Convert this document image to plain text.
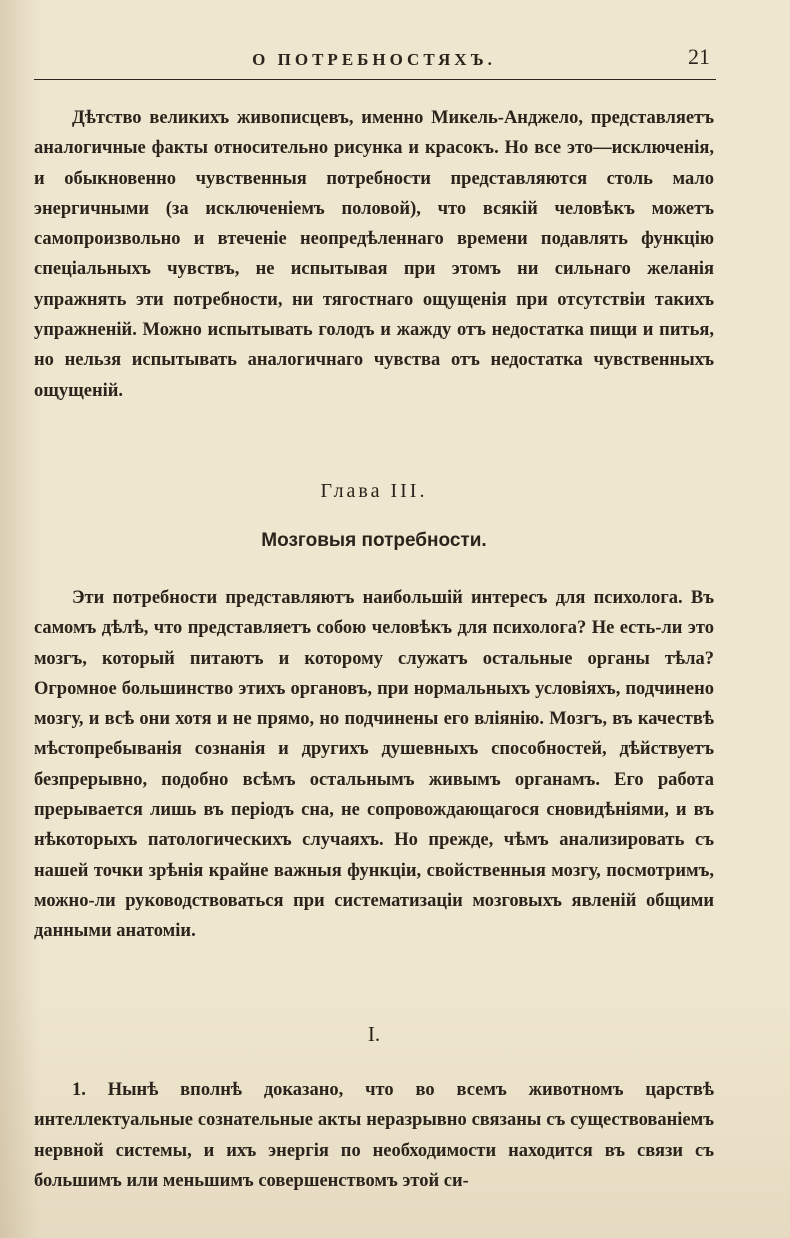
О ПОТРЕБНОСТЯХЪ.	21

Дѣтство великихъ живописцевъ, именно Микель-Анджело, представляетъ аналогичные факты относительно рисунка и красокъ. Но все это—исключенія, и обыкновенно чувственныя потребности представляются столь мало энергичными (за исключеніемъ половой), что всякій человѣкъ можетъ самопроизвольно и втеченіе неопредѣленнаго времени подавлять функцію спеціальныхъ чувствъ, не испытывая при этомъ ни сильнаго желанія упражнять эти потребности, ни тягостнаго ощущенія при отсутствіи такихъ упражненій. Можно испытывать голодъ и жажду отъ недостатка пищи и питья, но нельзя испытывать аналогичнаго чувства отъ недостатка чувственныхъ ощущеній.

Глава III.
Мозговыя потребности.

Эти потребности представляютъ наибольшій интересъ для психолога. Въ самомъ дѣлѣ, что представляетъ собою человѣкъ для психолога? Не есть-ли это мозгъ, который питаютъ и которому служатъ остальные органы тѣла? Огромное большинство этихъ органовъ, при нормальныхъ условіяхъ, подчинено мозгу, и всѣ они хотя и не прямо, но подчинены его вліянію. Мозгъ, въ качествѣ мѣстопребыванія сознанія и другихъ душевныхъ способностей, дѣйствуетъ безпрерывно, подобно всѣмъ остальнымъ живымъ органамъ. Его работа прерывается лишь въ періодъ сна, не сопровождающагося сновидѣніями, и въ нѣкоторыхъ патологическихъ случаяхъ. Но прежде, чѣмъ анализировать съ нашей точки зрѣнія крайне важныя функціи, свойственныя мозгу, посмотримъ, можно-ли руководствоваться при систематизаціи мозговыхъ явленій общими данными анатоміи.

I.

1. Нынѣ вполнѣ доказано, что во всемъ животномъ царствѣ интеллектуальные сознательные акты неразрывно связаны съ существованіемъ нервной системы, и ихъ энергія по необходимости находится въ связи съ большимъ или меньшимъ совершенствомъ этой си-
